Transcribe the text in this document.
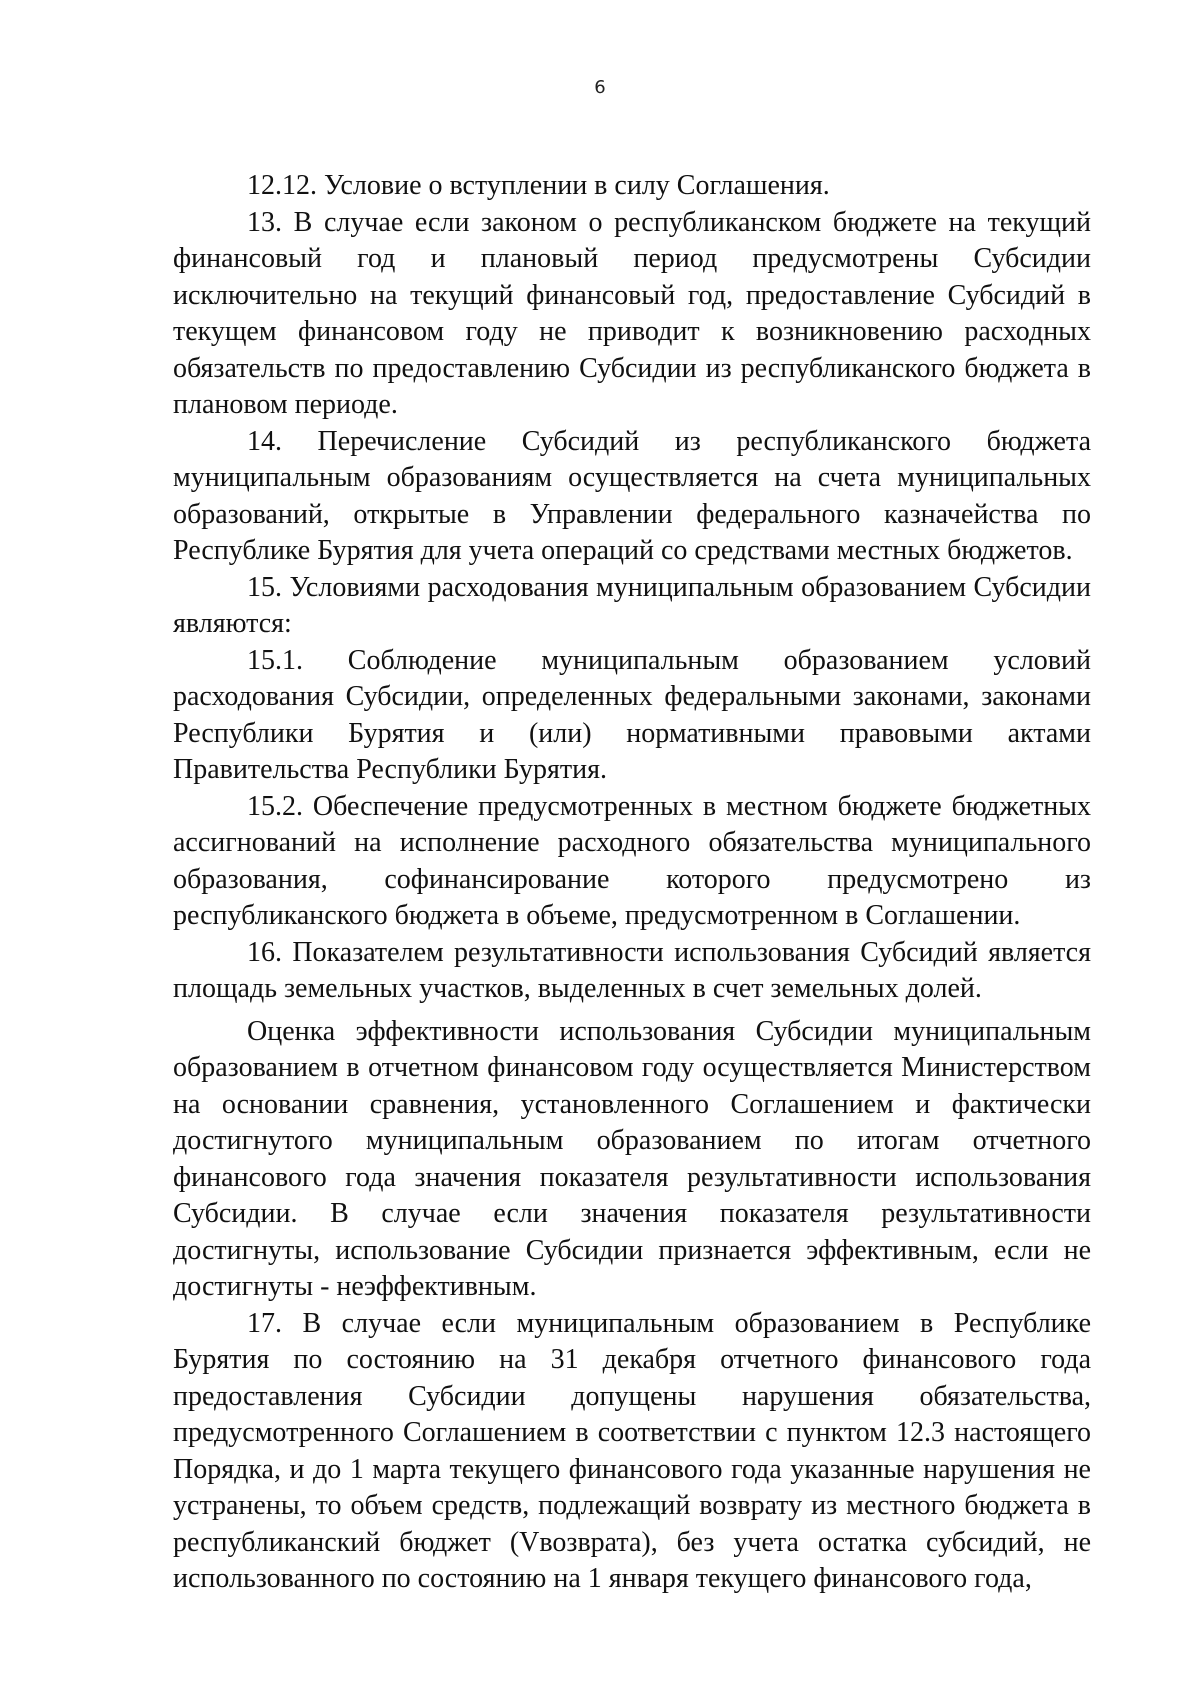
6

12.12. Условие о вступлении в силу Соглашения.

13. В случае если законом о республиканском бюджете на текущий финансовый год и плановый период предусмотрены Субсидии исключительно на текущий финансовый год, предоставление Субсидий в текущем финансовом году не приводит к возникновению расходных обязательств по предоставлению Субсидии из республиканского бюджета в плановом периоде.

14. Перечисление Субсидий из республиканского бюджета муниципальным образованиям осуществляется на счета муниципальных образований, открытые в Управлении федерального казначейства по Республике Бурятия для учета операций со средствами местных бюджетов.

15. Условиями расходования муниципальным образованием Субсидии являются:

15.1. Соблюдение муниципальным образованием условий расходования Субсидии, определенных федеральными законами, законами Республики Бурятия и (или) нормативными правовыми актами Правительства Республики Бурятия.

15.2. Обеспечение предусмотренных в местном бюджете бюджетных ассигнований на исполнение расходного обязательства муниципального образования, софинансирование которого предусмотрено из республиканского бюджета в объеме, предусмотренном в Соглашении.

16. Показателем результативности использования Субсидий является площадь земельных участков, выделенных в счет земельных долей.

Оценка эффективности использования Субсидии муниципальным образованием в отчетном финансовом году осуществляется Министерством на основании сравнения, установленного Соглашением и фактически достигнутого муниципальным образованием по итогам отчетного финансового года значения показателя результативности использования Субсидии. В случае если значения показателя результативности достигнуты, использование Субсидии признается эффективным, если не достигнуты - неэффективным.

17. В случае если муниципальным образованием в Республике Бурятия по состоянию на 31 декабря отчетного финансового года предоставления Субсидии допущены нарушения обязательства, предусмотренного Соглашением в соответствии с пунктом 12.3 настоящего Порядка, и до 1 марта текущего финансового года указанные нарушения не устранены, то объем средств, подлежащий возврату из местного бюджета в республиканский бюджет (Vвозврата), без учета остатка субсидий, не использованного по состоянию на 1 января текущего финансового года,
